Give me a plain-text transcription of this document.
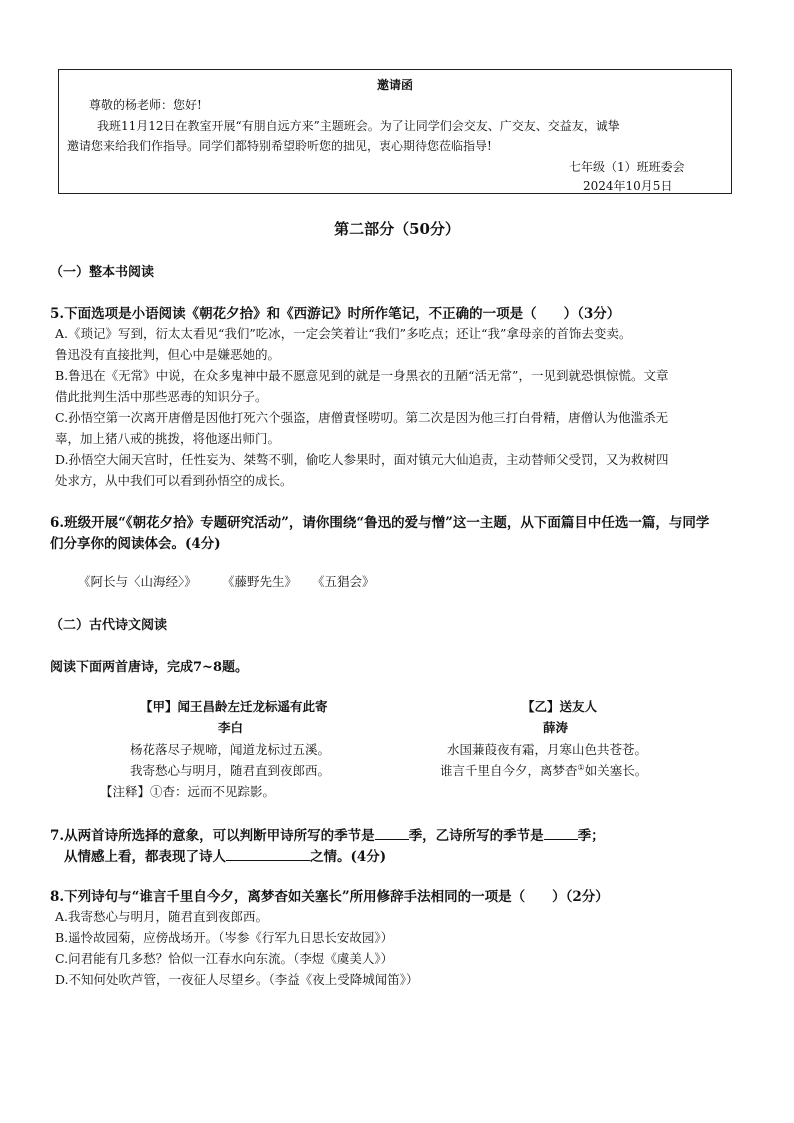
邀请函
尊敬的杨老师：您好!
我班11月12日在教室开展“有朋自远方来”主题班会。为了让同学们会交友、广交友、交益友，诚挚
邀请您来给我们作指导。同学们都特别希望聆听您的拙见，衷心期待您莅临指导!
七年级（1）班班委会
2024年10月5日
第二部分（50分）
（一）整本书阅读
5.下面选项是小语阅读《朝花夕拾》和《西游记》时所作笔记，不正确的一项是（　　）（3分）
A.《琐记》写到，衍太太看见“我们”吃冰，一定会笑着让“我们”多吃点；还让“我”拿母亲的首饰去变卖。
鲁迅没有直接批判，但心中是嫌恶她的。
B.鲁迅在《无常》中说，在众多鬼神中最不愿意见到的就是一身黑衣的丑陋“活无常”，一见到就恐惧惊慌。文章
借此批判生活中那些恶毒的知识分子。
C.孙悟空第一次离开唐僧是因他打死六个强盗，唐僧責怪唠叨。第二次是因为他三打白骨精，唐僧认为他滥杀无
辜，加上猪八戒的挑拨，将他逐出师门。
D.孙悟空大闹天宫时，任性妄为、桀骜不驯，偷吃人参果时，面对镇元大仙追责，主动替师父受罚，又为救树四
处求方，从中我们可以看到孙悟空的成长。
6.班级开展“《朝花夕拾》专题研究活动”，请你围绕“鲁迅的爱与憎”这一主题，从下面篇目中任选一篇，与同学
们分享你的阅读体会。(4分)
《阿长与〈山海经〉》 《藤野先生》 《五猖会》
（二）古代诗文阅读
阅读下面两首唐诗，完成7~8题。
【甲】闻王昌龄左迁龙标遥有此寄
李白
杨花落尽子规啼，闻道龙标过五溪。
我寄愁心与明月，随君直到夜郎西。
【乙】送友人
薛涛
水国蒹葭夜有霜，月寒山色共苍苍。
谁言千里自今夕，离梦杳①如关塞长。
【注释】①杳：远而不见踪影。
7.从两首诗所选择的意象，可以判断甲诗所写的季节是	季，乙诗所写的季节是	季；
从情感上看，都表现了诗人	之情。(4分)
8.下列诗句与“谁言千里自今夕，离梦杳如关塞长”所用修辞手法相同的一项是（　　）（2分）
A.我寄愁心与明月，随君直到夜郎西。
B.遥怜故园菊，应傍战场开。（岑参《行军九日思长安故园》）
C.问君能有几多愁？恰似一江春水向东流。（李煜《虞美人》）
D.不知何处吹芦管，一夜征人尽望乡。（李益《夜上受降城闻笛》）
